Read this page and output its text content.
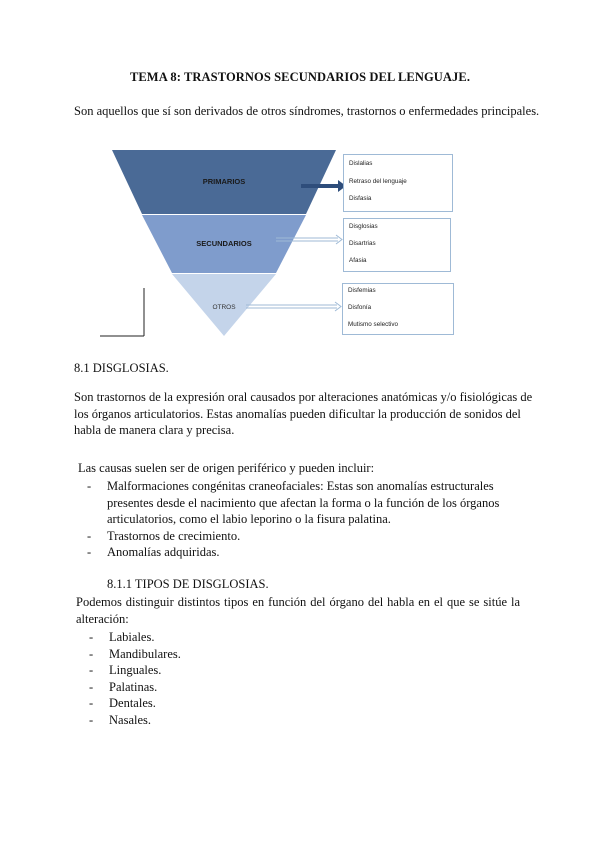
TEMA 8: TRASTORNOS SECUNDARIOS DEL LENGUAJE.
Son aquellos que sí son derivados de otros síndromes, trastornos o enfermedades principales.
PRIMARIOS
SECUNDARIOS
OTROS
Dislalias
Retraso del lenguaje
Disfasia
Disglosias
Disartrias
Afasia
Disfemias
Disfonía
Mutismo selectivo
8.1 DISGLOSIAS.
Son trastornos de la expresión oral causados por alteraciones anatómicas y/o fisiológicas de los órganos articulatorios. Estas anomalías pueden dificultar la producción de sonidos del habla de manera clara y precisa.
Las causas suelen ser de origen periférico y pueden incluir:
- Malformaciones congénitas craneofaciales: Estas son anomalías estructurales presentes desde el nacimiento que afectan la forma o la función de los órganos articulatorios, como el labio leporino o la fisura palatina.
- Trastornos de crecimiento.
- Anomalías adquiridas.
8.1.1 TIPOS DE DISGLOSIAS.
Podemos distinguir distintos tipos en función del órgano del habla en el que se sitúe la alteración:
- Labiales.
- Mandibulares.
- Linguales.
- Palatinas.
- Dentales.
- Nasales.
